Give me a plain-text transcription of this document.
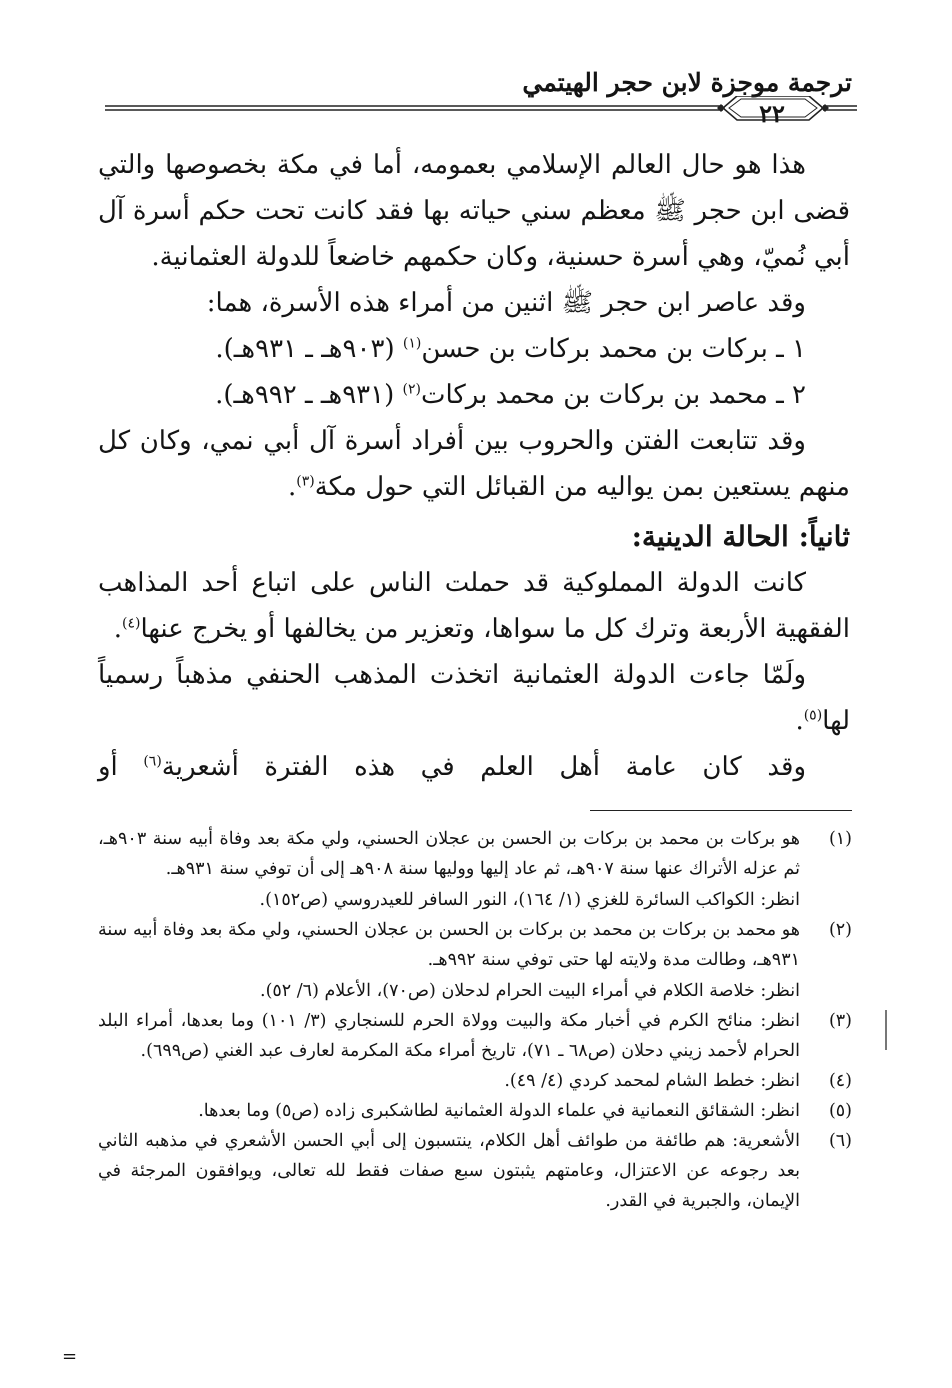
ترجمة موجزة لابن حجر الهيتمي
٢٢

هذا هو حال العالم الإسلامي بعمومه، أما في مكة بخصوصها والتي قضى ابن حجر ﷺ معظم سني حياته بها فقد كانت تحت حكم أسرة آل أبي نُميّ، وهي أسرة حسنية، وكان حكمهم خاضعاً للدولة العثمانية.

وقد عاصر ابن حجر ﷺ اثنين من أمراء هذه الأسرة، هما:

١ ـ بركات بن محمد بركات بن حسن$^{(١)}$ (٩٠٣هـ ـ ٩٣١هـ).

٢ ـ محمد بن بركات بن محمد بركات$^{(٢)}$ (٩٣١هـ ـ ٩٩٢هـ).

وقد تتابعت الفتن والحروب بين أفراد أسرة آل أبي نمي، وكان كل منهم يستعين بمن يواليه من القبائل التي حول مكة$^{(٣)}$.

ثانياً: الحالة الدينية:

كانت الدولة المملوكية قد حملت الناس على اتباع أحد المذاهب الفقهية الأربعة وترك كل ما سواها، وتعزير من يخالفها أو يخرج عنها$^{(٤)}$.

ولَمّا جاءت الدولة العثمانية اتخذت المذهب الحنفي مذهباً رسمياً لها$^{(٥)}$.

وقد كان عامة أهل العلم في هذه الفترة أشعرية$^{(٦)}$ أو

(١)

هو بركات بن محمد بن بركات بن الحسن بن عجلان الحسني، ولي مكة بعد وفاة أبيه سنة ٩٠٣هـ، ثم عزله الأتراك عنها سنة ٩٠٧هـ، ثم عاد إليها ووليها سنة ٩٠٨هـ إلى أن توفي سنة ٩٣١هـ.

انظر: الكواكب السائرة للغزي (١/ ١٦٤)، النور السافر للعيدروسي (ص١٥٢).

(٢)

هو محمد بن بركات بن محمد بن بركات بن الحسن بن عجلان الحسني، ولي مكة بعد وفاة أبيه سنة ٩٣١هـ، وطالت مدة ولايته لها حتى توفي سنة ٩٩٢هـ.

انظر: خلاصة الكلام في أمراء البيت الحرام لدحلان (ص٧٠)، الأعلام (٦/ ٥٢).

(٣)

انظر: منائح الكرم في أخبار مكة والبيت وولاة الحرم للسنجاري (٣/ ١٠١) وما بعدها، أمراء البلد الحرام لأحمد زيني دحلان (ص٦٨ ـ ٧١)، تاريخ أمراء مكة المكرمة لعارف عبد الغني (ص٦٩٩).

(٤)

انظر: خطط الشام لمحمد كردي (٤/ ٤٩).

(٥)

انظر: الشقائق النعمانية في علماء الدولة العثمانية لطاشكبرى زاده (ص٥) وما بعدها.

(٦)

الأشعرية: هم طائفة من طوائف أهل الكلام، ينتسبون إلى أبي الحسن الأشعري في مذهبه الثاني بعد رجوعه عن الاعتزال، وعامتهم يثبتون سبع صفات فقط لله تعالى، ويوافقون المرجئة في الإيمان، والجبرية في القدر.

=
